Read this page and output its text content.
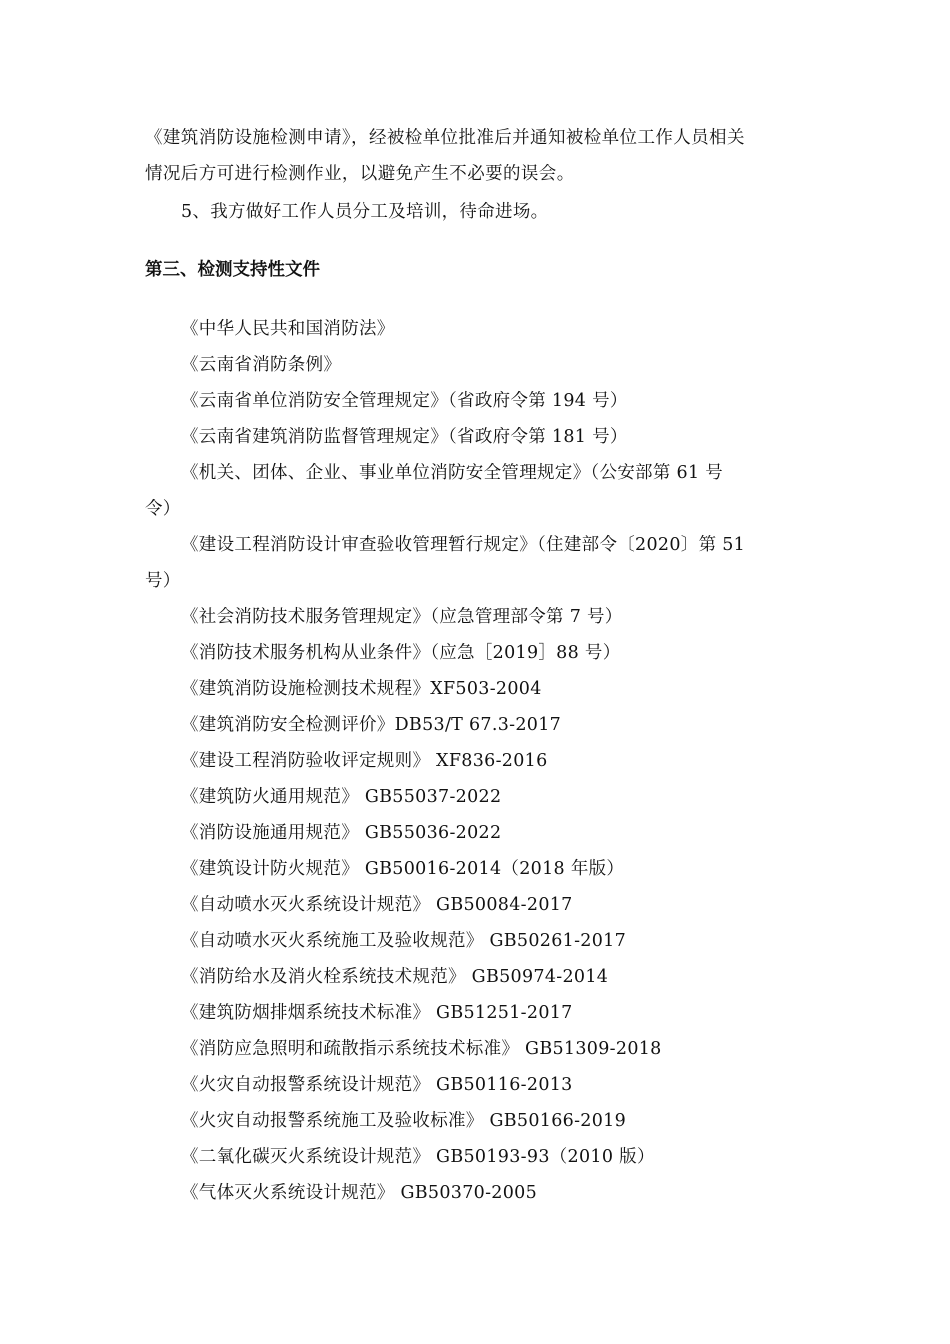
《建筑消防设施检测申请》，经被检单位批准后并通知被检单位工作人员相关
情况后方可进行检测作业，以避免产生不必要的误会。
5、我方做好工作人员分工及培训，待命进场。
第三、检测支持性文件
《中华人民共和国消防法》
《云南省消防条例》
《云南省单位消防安全管理规定》（省政府令第 194 号）
《云南省建筑消防监督管理规定》（省政府令第 181 号）
《机关、团体、企业、事业单位消防安全管理规定》（公安部第 61 号
令）
《建设工程消防设计审查验收管理暂行规定》（住建部令〔2020〕第 51
号）
《社会消防技术服务管理规定》（应急管理部令第 7 号）
《消防技术服务机构从业条件》（应急［2019］88 号）
《建筑消防设施检测技术规程》XF503-2004
《建筑消防安全检测评价》DB53/T 67.3-2017
《建设工程消防验收评定规则》 XF836-2016
《建筑防火通用规范》 GB55037-2022
《消防设施通用规范》 GB55036-2022
《建筑设计防火规范》 GB50016-2014（2018 年版）
《自动喷水灭火系统设计规范》 GB50084-2017
《自动喷水灭火系统施工及验收规范》 GB50261-2017
《消防给水及消火栓系统技术规范》 GB50974-2014
《建筑防烟排烟系统技术标准》 GB51251-2017
《消防应急照明和疏散指示系统技术标准》 GB51309-2018
《火灾自动报警系统设计规范》 GB50116-2013
《火灾自动报警系统施工及验收标准》 GB50166-2019
《二氧化碳灭火系统设计规范》 GB50193-93（2010 版）
《气体灭火系统设计规范》 GB50370-2005
